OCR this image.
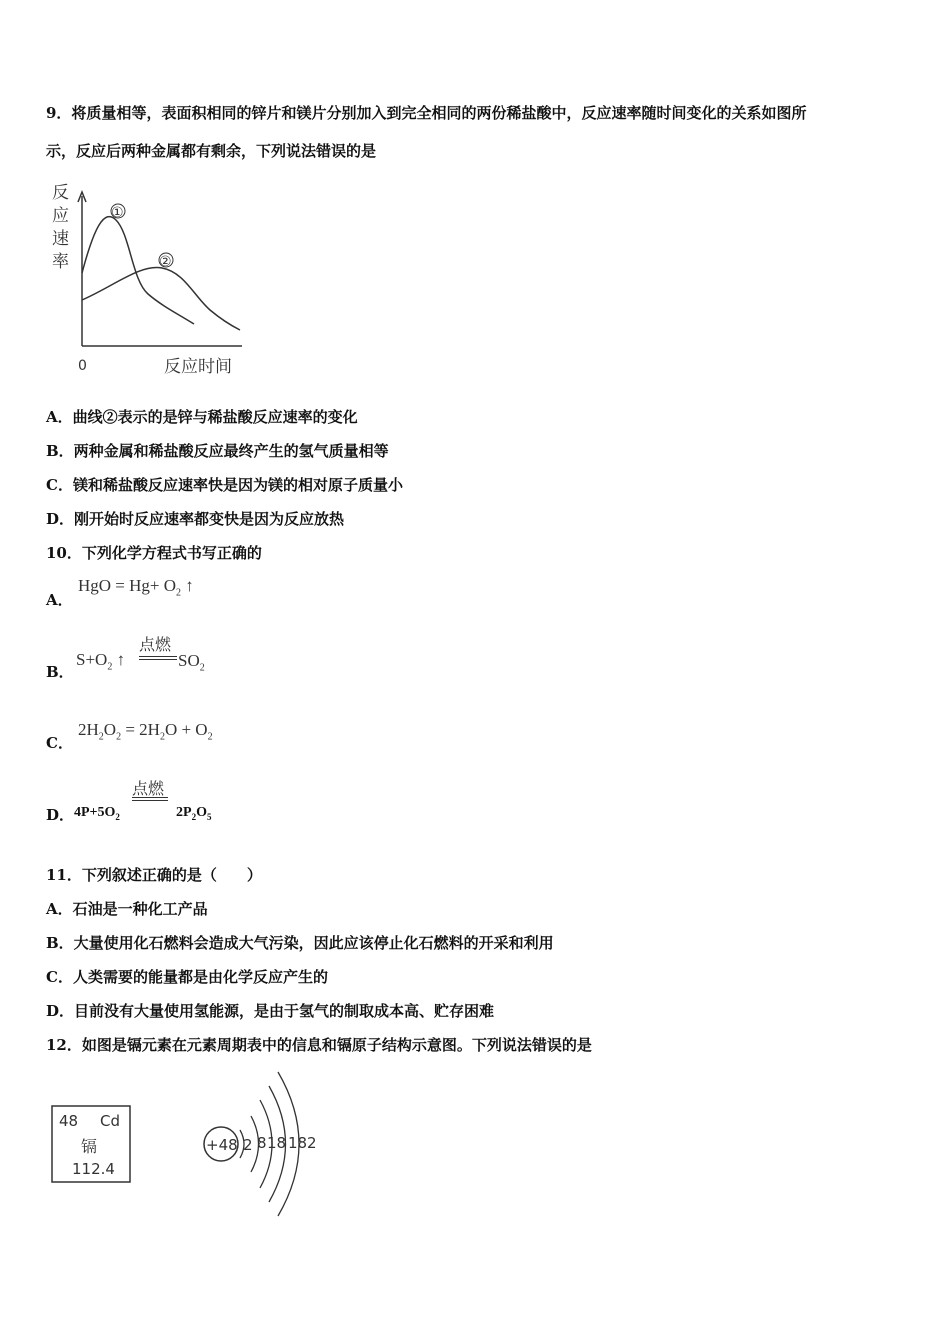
9．将质量相等，表面积相同的锌片和镁片分别加入到完全相同的两份稀盐酸中，反应速率随时间变化的关系如图所
示，反应后两种金属都有剩余，下列说法错误的是
反
应
速
率
①
②
0	反应时间
A．曲线②表示的是锌与稀盐酸反应速率的变化
B．两种金属和稀盐酸反应最终产生的氢气质量相等
C．镁和稀盐酸反应速率快是因为镁的相对原子质量小
D．刚开始时反应速率都变快是因为反应放热
10．下列化学方程式书写正确的
A．
HgO = $Hg+ O_2$ ↑
B．
$S+O_2$ ↑
点燃
$SO_2$
C．
$2H_2O_2 = 2H_2O + O_2$
D． $4P+5O_2$
点燃
$2P_2O_5$
11．下列叙述正确的是（　　）
A．石油是一种化工产品
B．大量使用化石燃料会造成大气污染，因此应该停止化石燃料的开采和利用
C．人类需要的能量都是由化学反应产生的
D．目前没有大量使用氢能源，是由于氢气的制取成本高、贮存困难
12．如图是镉元素在元素周期表中的信息和镉原子结构示意图。下列说法错误的是
48 Cd
镉
112.4
+48 2 8 18 18 2
